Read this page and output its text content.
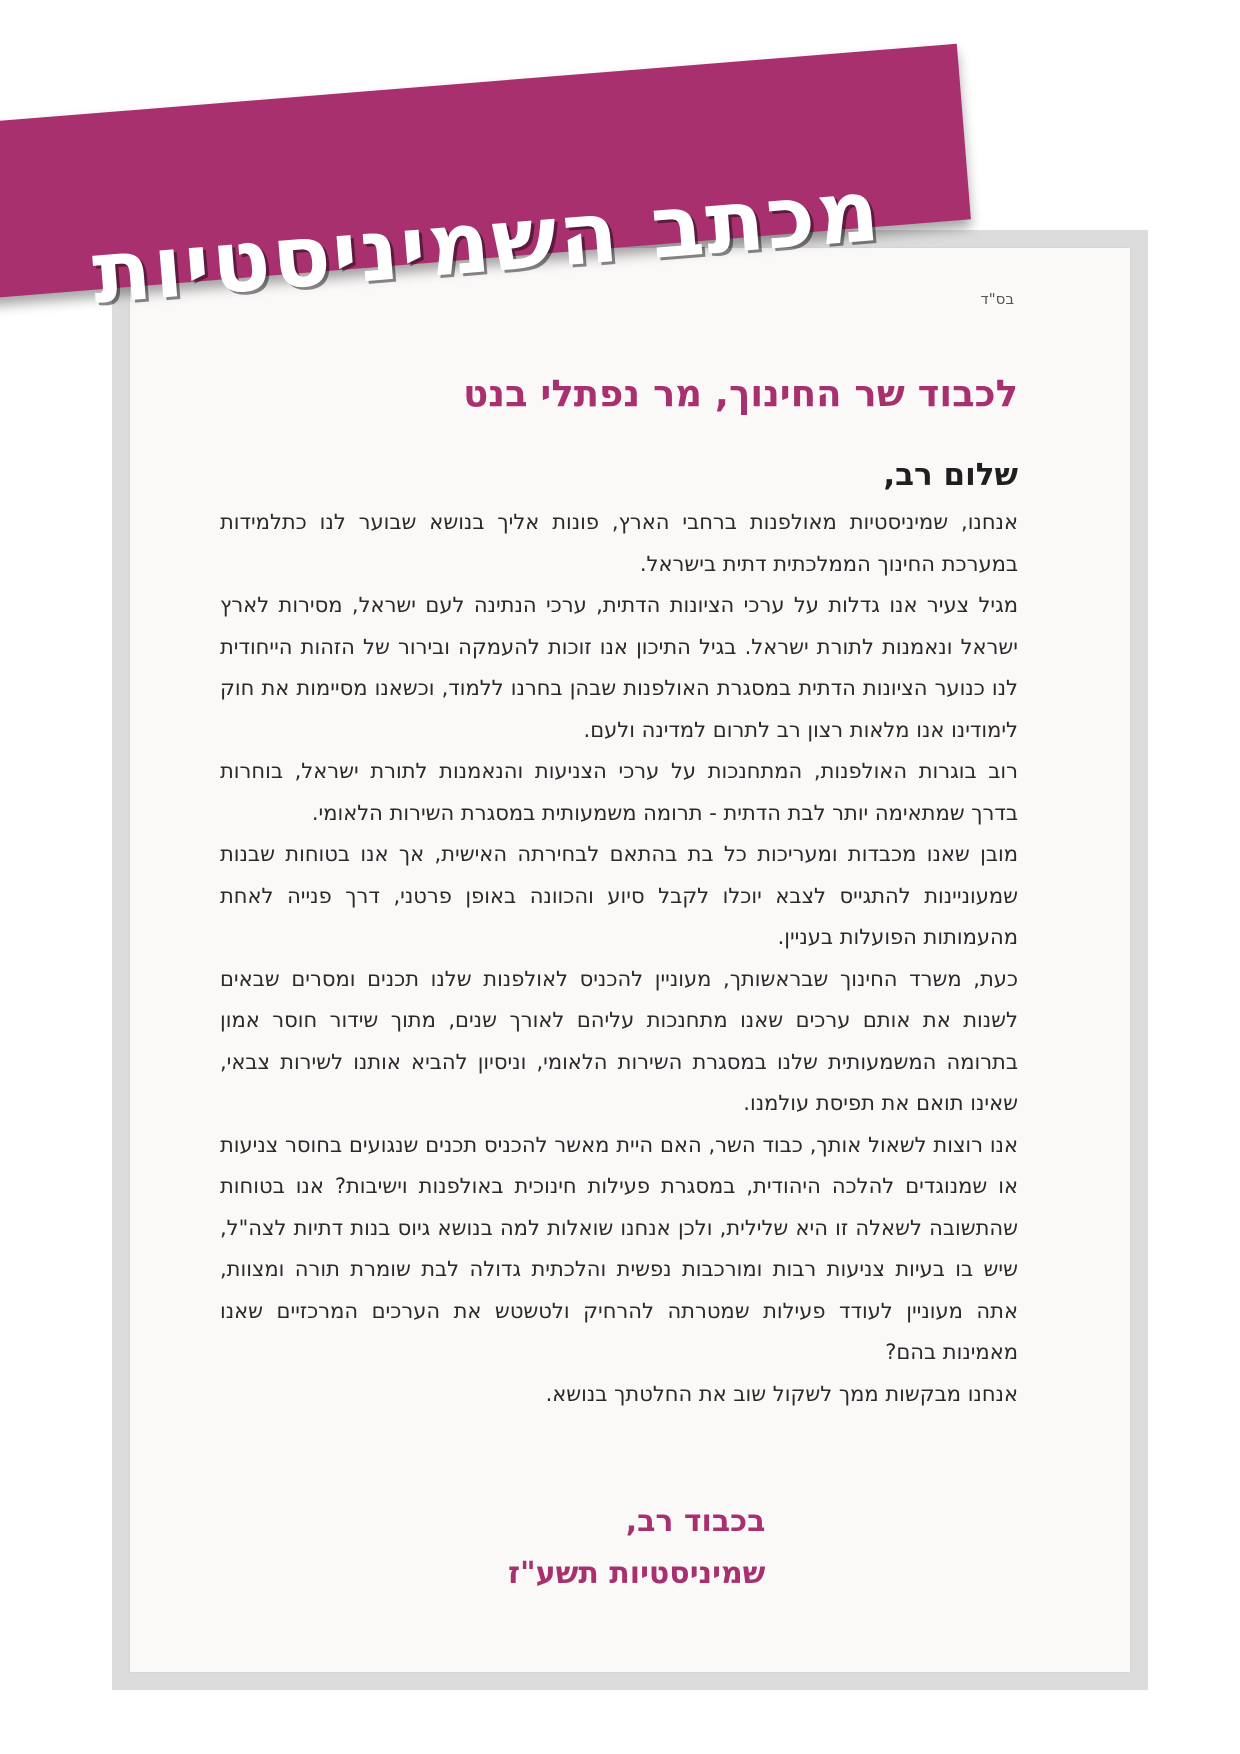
מכתב השמיניסטיות	בס"ד
לכבוד שר החינוך, מר נפתלי בנט
שלום רב,

אנחנו, שמיניסטיות מאולפנות ברחבי הארץ, פונות אליך בנושא שבוער לנו כתלמידות במערכת החינוך הממלכתית דתית בישראל.

מגיל צעיר אנו גדלות על ערכי הציונות הדתית, ערכי הנתינה לעם ישראל, מסירות לארץ ישראל ונאמנות לתורת ישראל. בגיל התיכון אנו זוכות להעמקה ובירור של הזהות הייחודית לנו כנוער הציונות הדתית במסגרת האולפנות שבהן בחרנו ללמוד, וכשאנו מסיימות את חוק לימודינו אנו מלאות רצון רב לתרום למדינה ולעם.

רוב בוגרות האולפנות, המתחנכות על ערכי הצניעות והנאמנות לתורת ישראל, בוחרות בדרך שמתאימה יותר לבת הדתית - תרומה משמעותית במסגרת השירות הלאומי.

מובן שאנו מכבדות ומעריכות כל בת בהתאם לבחירתה האישית, אך אנו בטוחות שבנות שמעוניינות להתגייס לצבא יוכלו לקבל סיוע והכוונה באופן פרטני, דרך פנייה לאחת מהעמותות הפועלות בעניין.

כעת, משרד החינוך שבראשותך, מעוניין להכניס לאולפנות שלנו תכנים ומסרים שבאים לשנות את אותם ערכים שאנו מתחנכות עליהם לאורך שנים, מתוך שידור חוסר אמון בתרומה המשמעותית שלנו במסגרת השירות הלאומי, וניסיון להביא אותנו לשירות צבאי, שאינו תואם את תפיסת עולמנו.

אנו רוצות לשאול אותך, כבוד השר, האם היית מאשר להכניס תכנים שנגועים בחוסר צניעות או שמנוגדים להלכה היהודית, במסגרת פעילות חינוכית באולפנות וישיבות? אנו בטוחות שהתשובה לשאלה זו היא שלילית, ולכן אנחנו שואלות למה בנושא גיוס בנות דתיות לצה"ל, שיש בו בעיות צניעות רבות ומורכבות נפשית והלכתית גדולה לבת שומרת תורה ומצוות, אתה מעוניין לעודד פעילות שמטרתה להרחיק ולטשטש את הערכים המרכזיים שאנו מאמינות בהם?

אנחנו מבקשות ממך לשקול שוב את החלטתך בנושא.

בכבוד רב,
שמיניסטיות תשע"ז
